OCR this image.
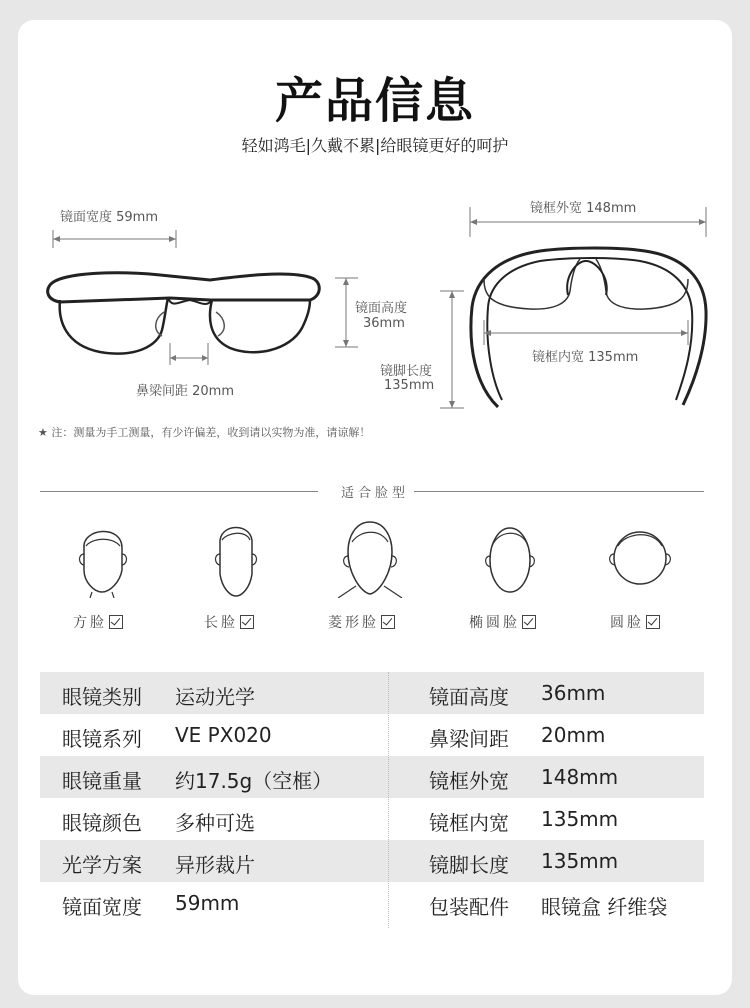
产品信息
轻如鸿毛|久戴不累|给眼镜更好的呵护
镜面宽度 59mm
鼻梁间距 20mm
镜面高度
36mm
镜框外宽 148mm
镜框内宽 135mm
镜脚长度
135mm
★ 注：测量为手工测量，有少许偏差，收到请以实物为准，请谅解！
适合脸型
方脸	长脸	菱形脸	椭圆脸	圆脸
眼镜类别 运动光学	镜面高度 36mm
眼镜系列 VE PX020	鼻梁间距 20mm
眼镜重量 约17.5g（空框）	镜框外宽 148mm
眼镜颜色 多种可选	镜框内宽 135mm
光学方案 异形裁片	镜脚长度 135mm
镜面宽度 59mm	包装配件 眼镜盒 纤维袋
